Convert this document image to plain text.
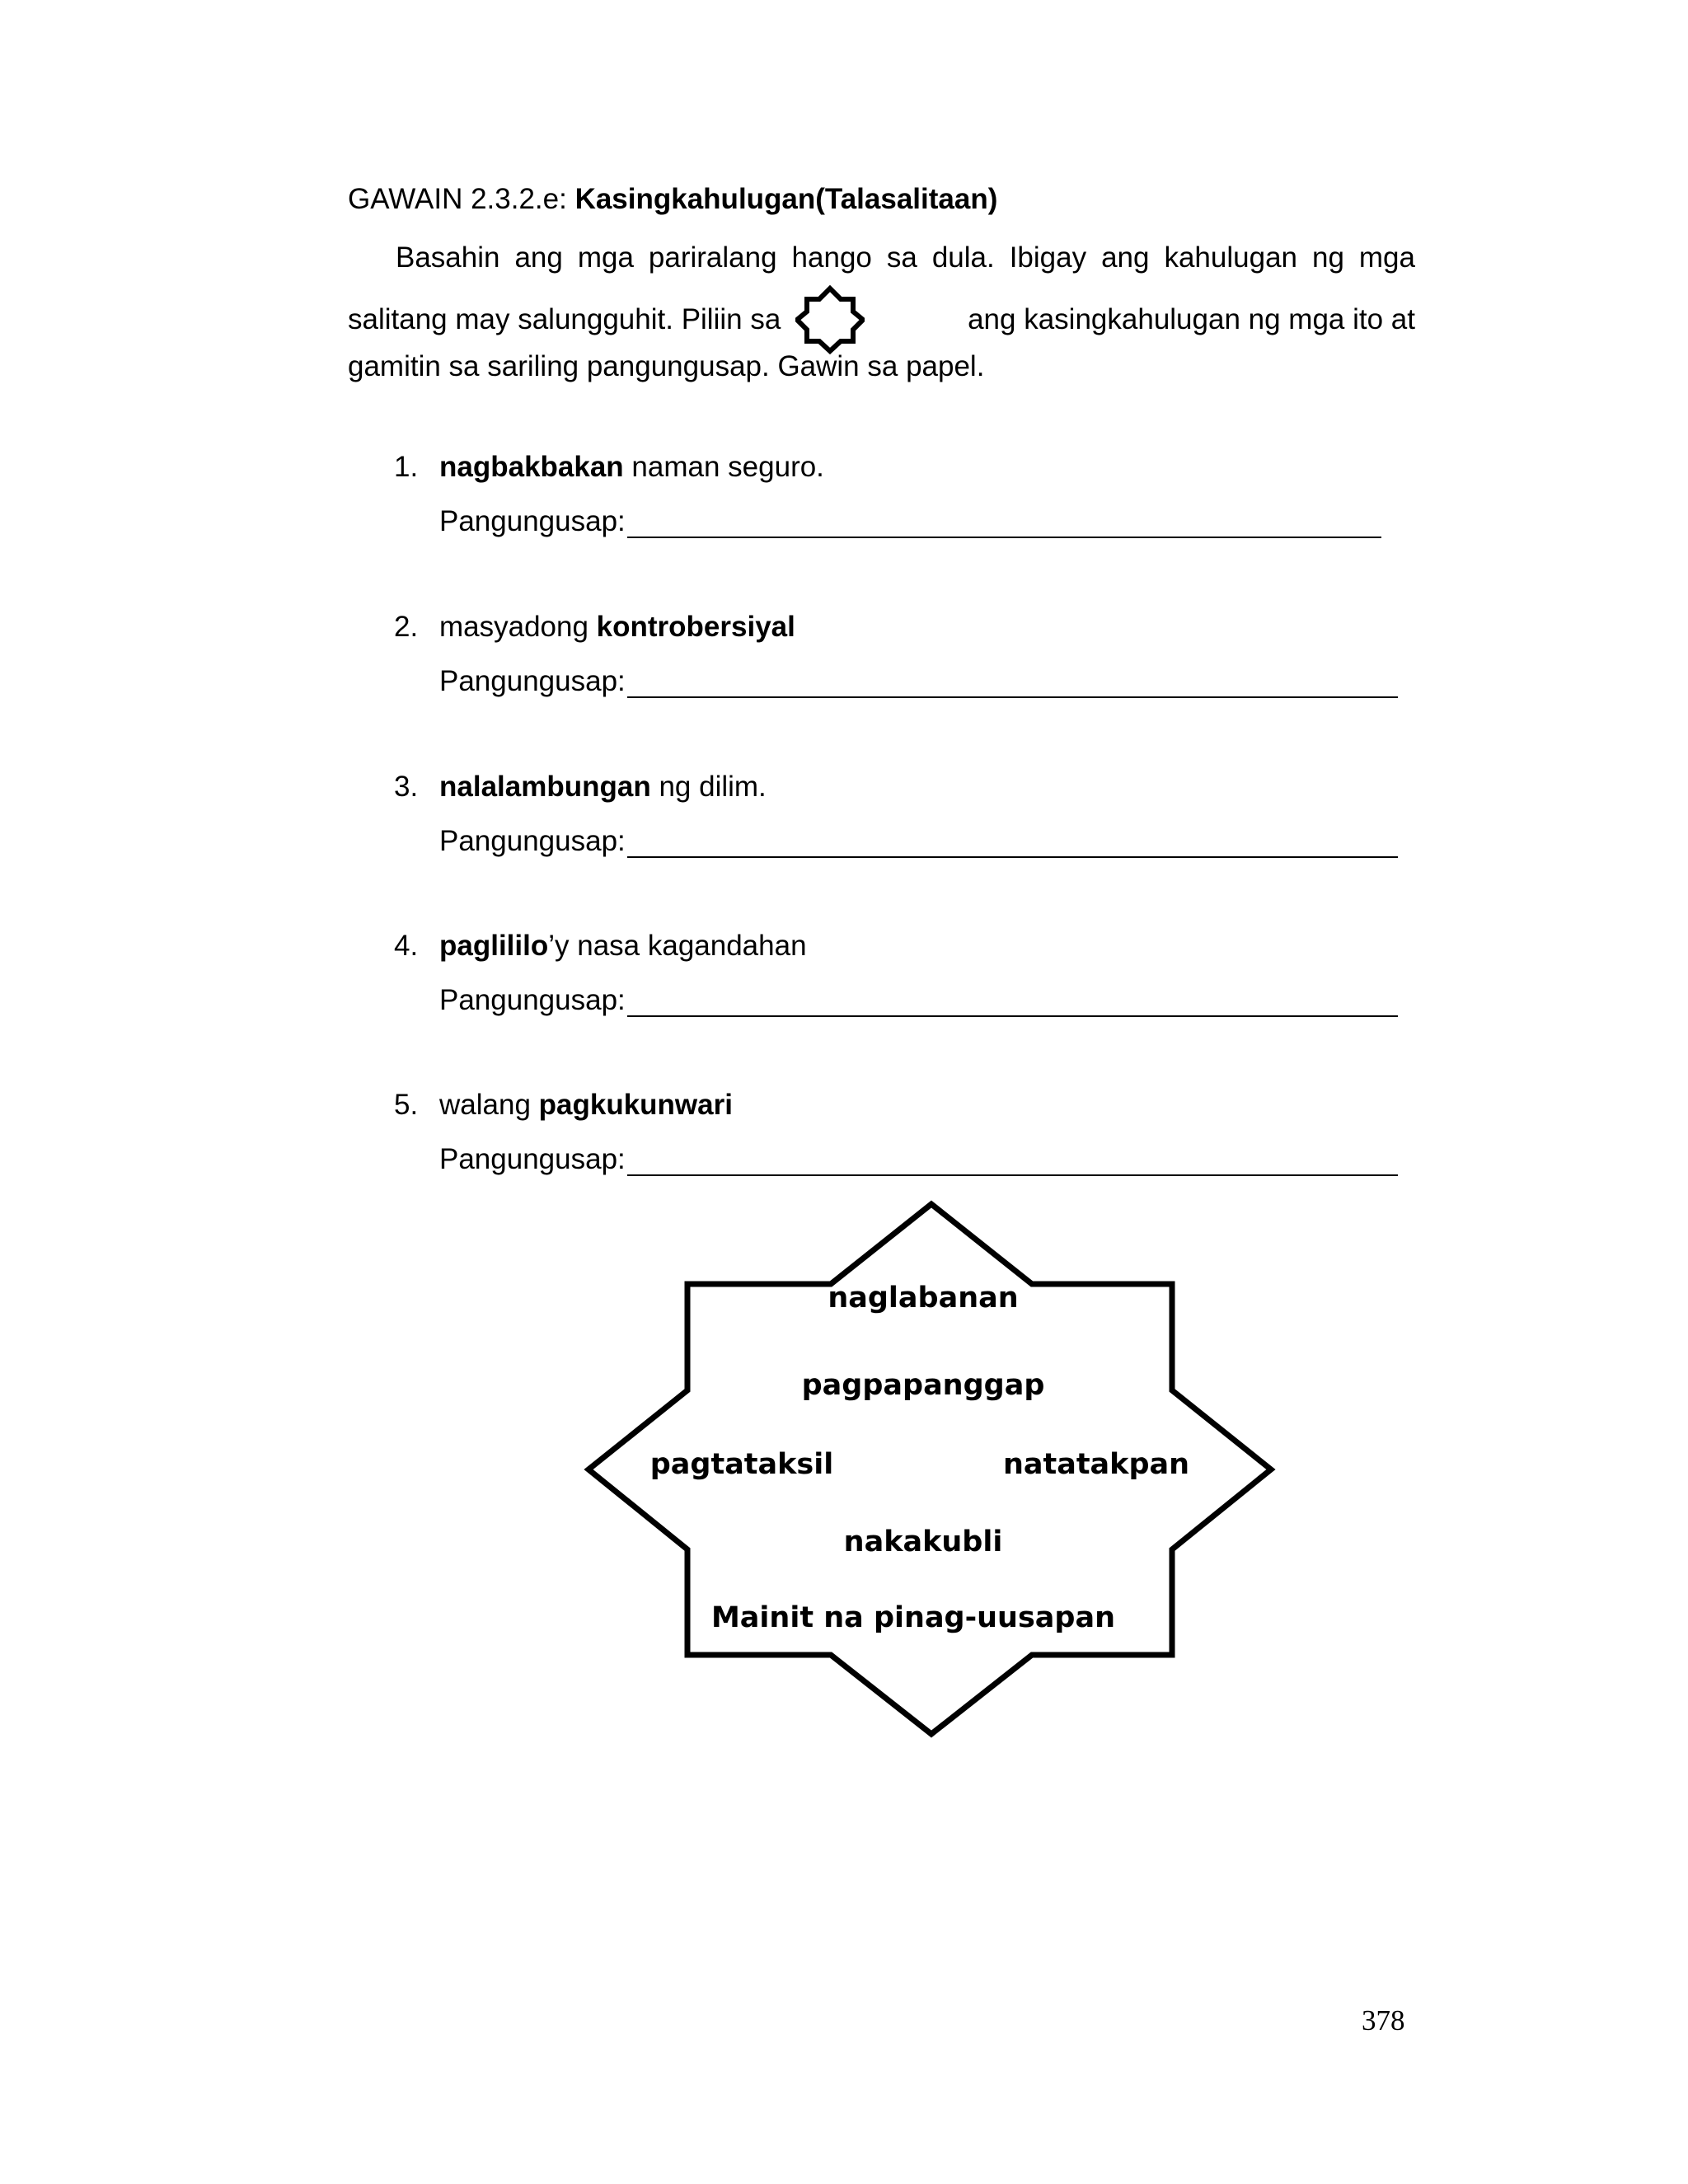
GAWAIN 2.3.2.e: Kasingkahulugan(Talasalitaan)
Basahin ang mga pariralang hango sa dula. Ibigay ang kahulugan ng mga
salitang may salungguhit. Piliin sa	ang kasingkahulugan ng mga ito at
gamitin sa sariling pangungusap. Gawin sa papel.
1. nagbakbakan naman seguro.
Pangungusap:
2. masyadong kontrobersiyal
Pangungusap:
3. nalalambungan ng dilim.
Pangungusap:
4. paglililo’y nasa kagandahan
Pangungusap:
5. walang pagkukunwari
Pangungusap:
naglabanan
pagpapanggap
pagtataksil	natatakpan
nakakubli
Mainit na pinag-uusapan
378
